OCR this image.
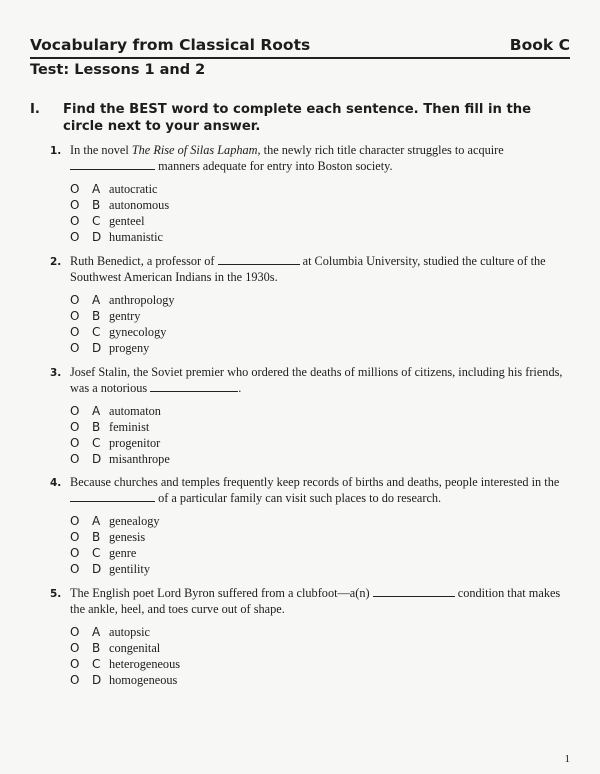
Vocabulary from Classical Roots	Book C
Test: Lessons 1 and 2
I.	Find the BEST word to complete each sentence. Then fill in the circle next to your answer.
1. In the novel The Rise of Silas Lapham, the newly rich title character struggles to acquire
manners adequate for entry into Boston society.
O	A autocratic
O	B autonomous
O	C genteel
O	D humanistic
2. Ruth Benedict, a professor of	at Columbia University, studied the culture of the Southwest American Indians in the 1930s.
O	A anthropology
O	B gentry
O	C gynecology
O	D progeny
3. Josef Stalin, the Soviet premier who ordered the deaths of millions of citizens, including his friends, was a notorious	.
O	A automaton
O	B feminist
O	C progenitor
O	D misanthrope
4. Because churches and temples frequently keep records of births and deaths, people interested in the  of a particular family can visit such places to do research.
O	A genealogy
O	B genesis
O	C genre
O	D gentility
5. The English poet Lord Byron suffered from a clubfoot—a(n)	condition that makes the ankle, heel, and toes curve out of shape.
O	A autopsic
O	B congenital
O	C heterogeneous
O	D homogeneous
1
